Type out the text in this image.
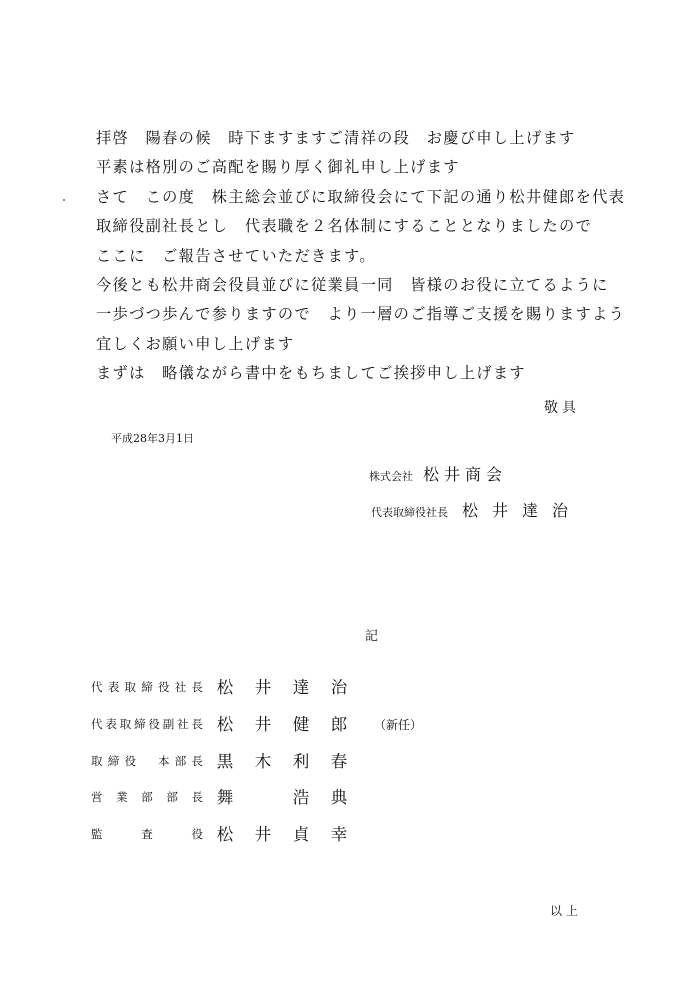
拝啓　陽春の候　時下ますますご清祥の段　お慶び申し上げます
平素は格別のご高配を賜り厚く御礼申し上げます
さて　この度　株主総会並びに取締役会にて下記の通り松井健郎を代表
取締役副社長とし　代表職を２名体制にすることとなりましたので
ここに　ご報告させていただきます。
今後とも松井商会役員並びに従業員一同　皆様のお役に立てるように
一歩づつ歩んで参りますので　より一層のご指導ご支援を賜りますよう
宜しくお願い申し上げます
まずは　略儀ながら書中をもちましてご挨拶申し上げます
敬具
平成28年3月1日
株式会社 松井商会
代表取締役社長 松井達治
記
代表取締役社長 松 井 達 治
代表取締役副社長 松 井 健 郎 （新任）
取締役　本部長 黒 木 利 春
営業部部長 舞	浩 典
監査役 松 井 貞 幸
以上
